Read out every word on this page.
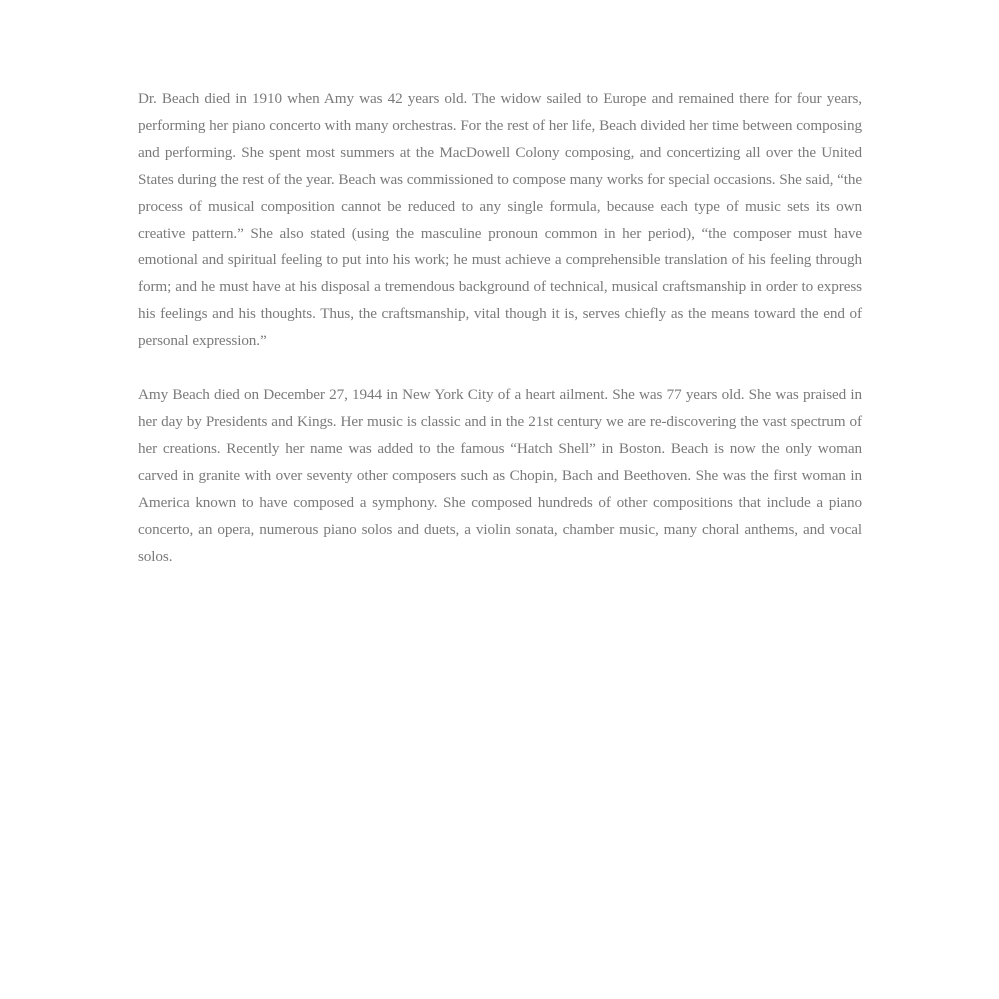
Dr. Beach died in 1910 when Amy was 42 years old. The widow sailed to Europe and remained there for four years, performing her piano concerto with many orchestras. For the rest of her life, Beach divided her time between composing and performing. She spent most summers at the MacDowell Colony composing, and concertizing all over the United States during the rest of the year. Beach was commissioned to compose many works for special occasions. She said, “the process of musical composition cannot be reduced to any single formula, because each type of music sets its own creative pattern.” She also stated (using the masculine pronoun common in her period), “the composer must have emotional and spiritual feeling to put into his work; he must achieve a comprehensible translation of his feeling through form; and he must have at his disposal a tremendous background of technical, musical craftsmanship in order to express his feelings and his thoughts. Thus, the craftsmanship, vital though it is, serves chiefly as the means toward the end of personal expression.”

Amy Beach died on December 27, 1944 in New York City of a heart ailment. She was 77 years old. She was praised in her day by Presidents and Kings. Her music is classic and in the 21st century we are re-discovering the vast spectrum of her creations. Recently her name was added to the famous “Hatch Shell” in Boston. Beach is now the only woman carved in granite with over seventy other composers such as Chopin, Bach and Beethoven. She was the first woman in America known to have composed a symphony. She composed hundreds of other compositions that include a piano concerto, an opera, numerous piano solos and duets, a violin sonata, chamber music, many choral anthems, and vocal solos.
